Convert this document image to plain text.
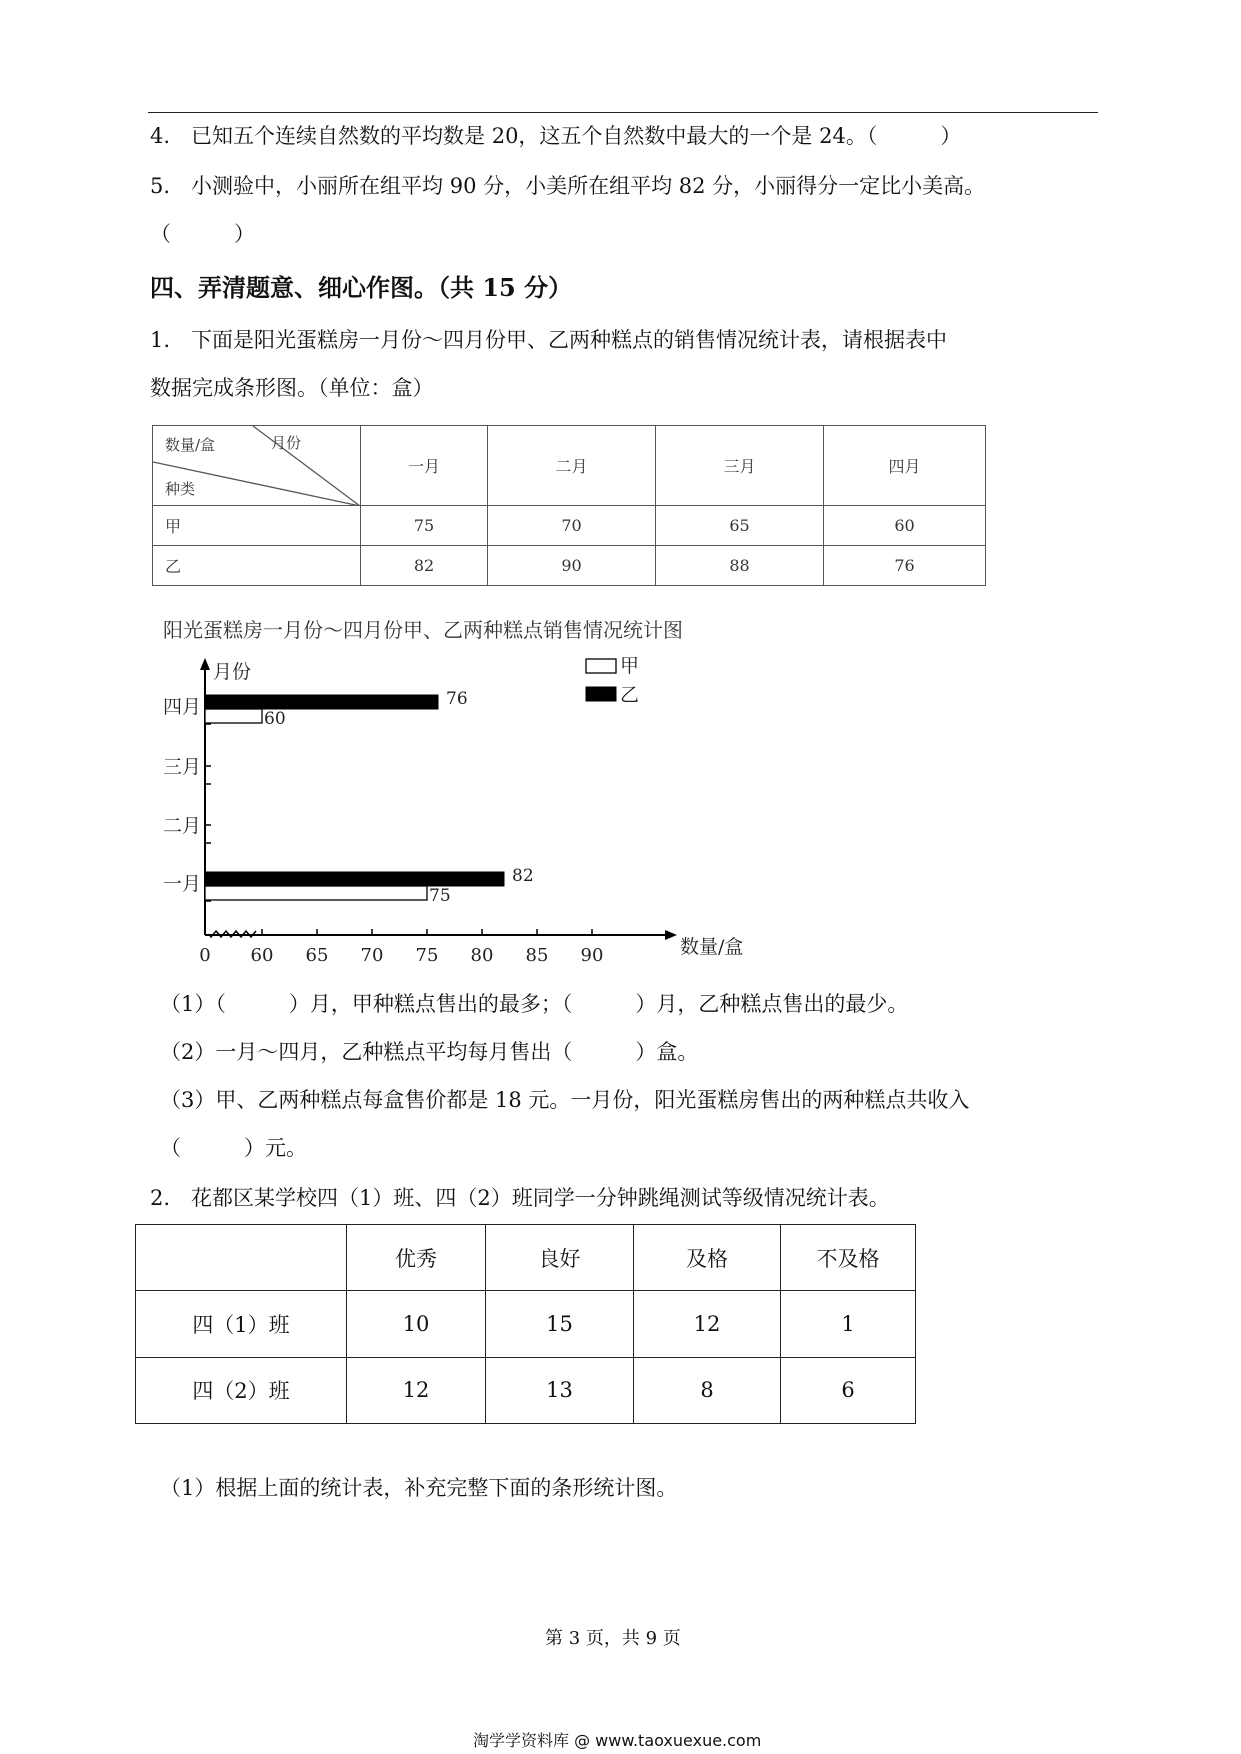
4.　已知五个连续自然数的平均数是 20，这五个自然数中最大的一个是 24。（　　　）
5.　小测验中，小丽所在组平均 90 分，小美所在组平均 82 分，小丽得分一定比小美高。
（　　　）
四、弄清题意、细心作图。（共 15 分）
1.　下面是阳光蛋糕房一月份～四月份甲、乙两种糕点的销售情况统计表，请根据表中
数据完成条形图。（单位：盒）
数量/盒 月份
种类	一月	二月	三月	四月
甲	75	70	65	60
乙	82	90	88	76
阳光蛋糕房一月份～四月份甲、乙两种糕点销售情况统计图
月份
数量/盒
0 60 65 70 75 80 85 90
一月	82
75
二月
三月
四月	76
60
甲
乙
（1）（　　　）月，甲种糕点售出的最多；（　　　）月，乙种糕点售出的最少。
（2）一月～四月，乙种糕点平均每月售出（　　　）盒。
（3）甲、乙两种糕点每盒售价都是 18 元。一月份，阳光蛋糕房售出的两种糕点共收入
（　　　）元。
2.　花都区某学校四（1）班、四（2）班同学一分钟跳绳测试等级情况统计表。
	优秀	良好	及格	不及格
四（1）班	10	15	12	1
四（2）班	12	13	8	6
（1）根据上面的统计表，补充完整下面的条形统计图。
第 3 页，共 9 页
淘学学资料库 @ www.taoxuexue.com
